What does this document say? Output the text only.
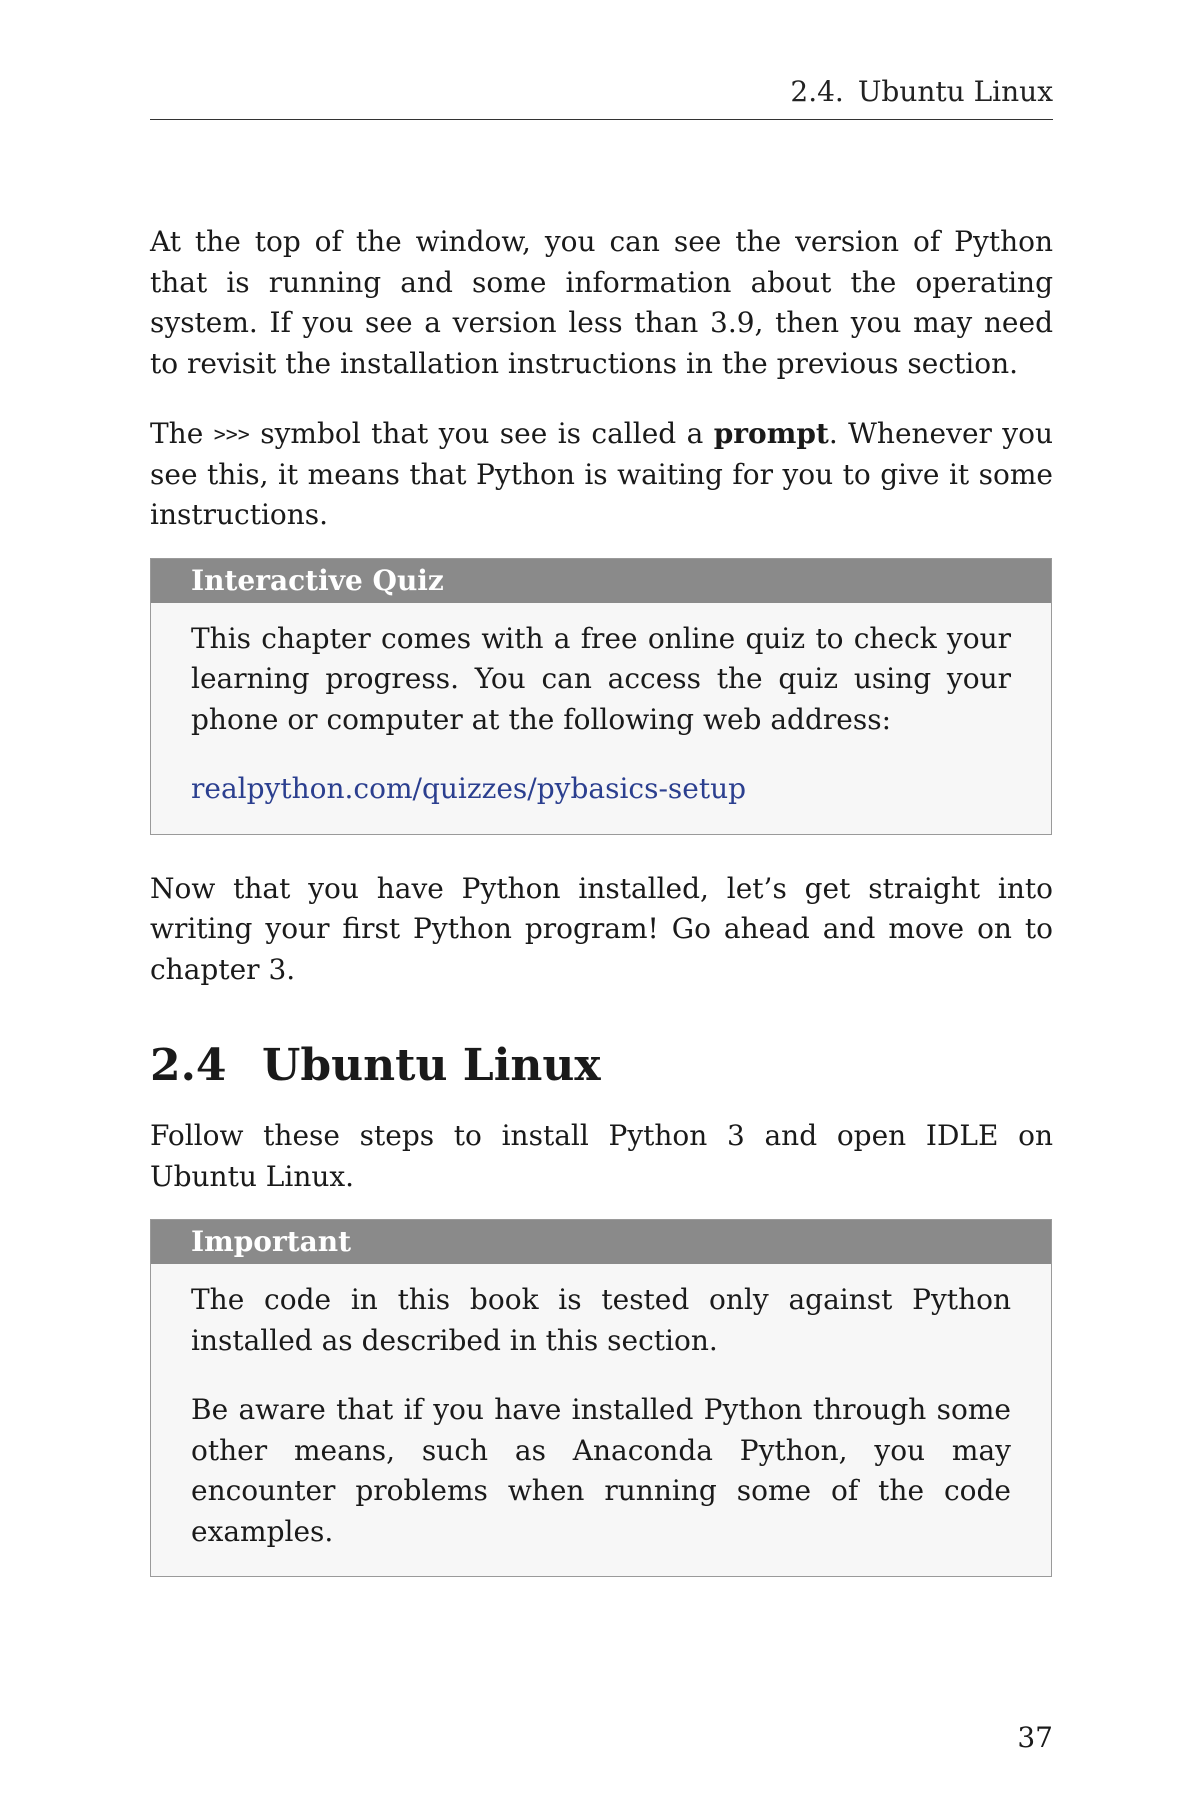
2.4. Ubuntu Linux

At the top of the window, you can see the version of Python that is running and some information about the operating system. If you see a version less than 3.9, then you may need to revisit the installation instructions in the previous section.

The >>> symbol that you see is called a prompt. Whenever you see this, it means that Python is waiting for you to give it some instructions.

Interactive Quiz

This chapter comes with a free online quiz to check your learning progress. You can access the quiz using your phone or computer at the following web address:

realpython.com/quizzes/pybasics-setup

Now that you have Python installed, let’s get straight into writing your first Python program! Go ahead and move on to chapter 3.

2.4 Ubuntu Linux

Follow these steps to install Python 3 and open IDLE on Ubuntu Linux.

Important

The code in this book is tested only against Python installed as described in this section.

Be aware that if you have installed Python through some other means, such as Anaconda Python, you may encounter problems when running some of the code examples.

37
